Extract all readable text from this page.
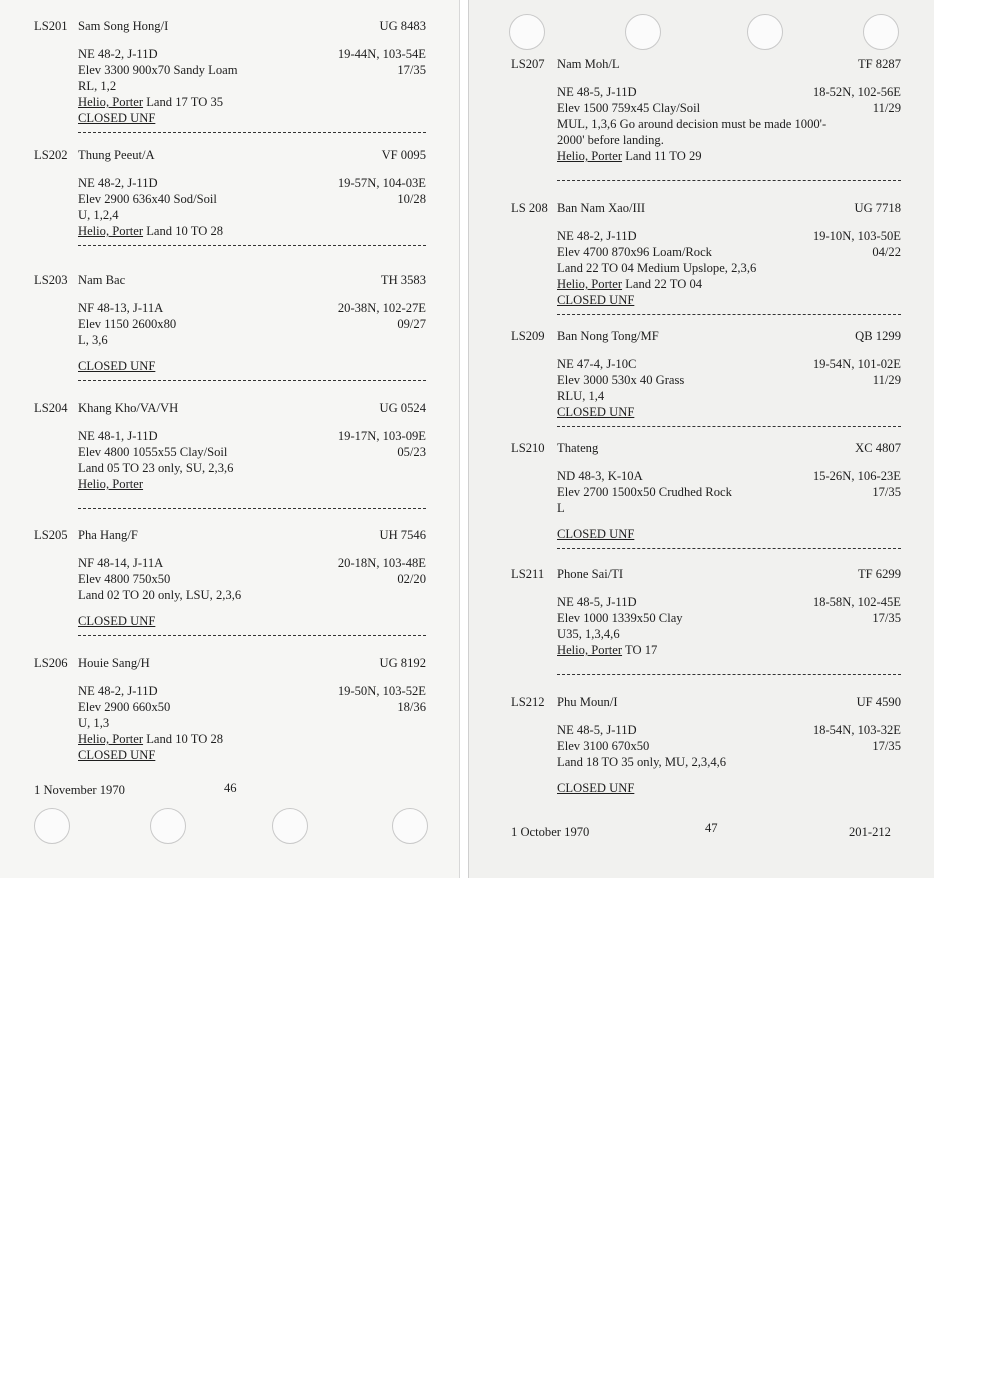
LS201 Sam Song Hong/I	UG 8483
NE 48-2, J-11D	19-44N, 103-54E
Elev 3300 900x70 Sandy Loam	17/35
RL, 1,2
Helio, Porter Land 17 TO 35
CLOSED UNF
LS202 Thung Peeut/A	VF 0095
NE 48-2, J-11D	19-57N, 104-03E
Elev 2900 636x40 Sod/Soil	10/28
U, 1,2,4
Helio, Porter Land 10 TO 28
LS203 Nam Bac	TH 3583
NF 48-13, J-11A	20-38N, 102-27E
Elev 1150 2600x80	09/27
L, 3,6
CLOSED UNF
LS204 Khang Kho/VA/VH	UG 0524
NE 48-1, J-11D	19-17N, 103-09E
Elev 4800 1055x55 Clay/Soil	05/23
Land 05 TO 23 only, SU, 2,3,6
Helio, Porter
LS205 Pha Hang/F	UH 7546
NF 48-14, J-11A	20-18N, 103-48E
Elev 4800 750x50	02/20
Land 02 TO 20 only, LSU, 2,3,6
CLOSED UNF
LS206 Houie Sang/H	UG 8192
NE 48-2, J-11D	19-50N, 103-52E
Elev 2900 660x50	18/36
U, 1,3
Helio, Porter Land 10 TO 28
CLOSED UNF
1 November 1970	46
LS207 Nam Moh/L	TF 8287
NE 48-5, J-11D	18-52N, 102-56E
Elev 1500 759x45 Clay/Soil	11/29
MUL, 1,3,6 Go around decision must be made 1000'-
2000' before landing.
Helio, Porter Land 11 TO 29
LS 208 Ban Nam Xao/III	UG 7718
NE 48-2, J-11D	19-10N, 103-50E
Elev 4700 870x96 Loam/Rock	04/22
Land 22 TO 04 Medium Upslope, 2,3,6
Helio, Porter Land 22 TO 04
CLOSED UNF
LS209 Ban Nong Tong/MF	QB 1299
NE 47-4, J-10C	19-54N, 101-02E
Elev 3000 530x 40 Grass	11/29
RLU, 1,4
CLOSED UNF
LS210 Thateng	XC 4807
ND 48-3, K-10A	15-26N, 106-23E
Elev 2700 1500x50 Crudhed Rock	17/35
L
CLOSED UNF
LS211 Phone Sai/TI	TF 6299
NE 48-5, J-11D	18-58N, 102-45E
Elev 1000 1339x50 Clay	17/35
U35, 1,3,4,6
Helio, Porter TO 17
LS212 Phu Moun/I	UF 4590
NE 48-5, J-11D	18-54N, 103-32E
Elev 3100 670x50	17/35
Land 18 TO 35 only, MU, 2,3,4,6
CLOSED UNF
1 October 1970	47	201-212
